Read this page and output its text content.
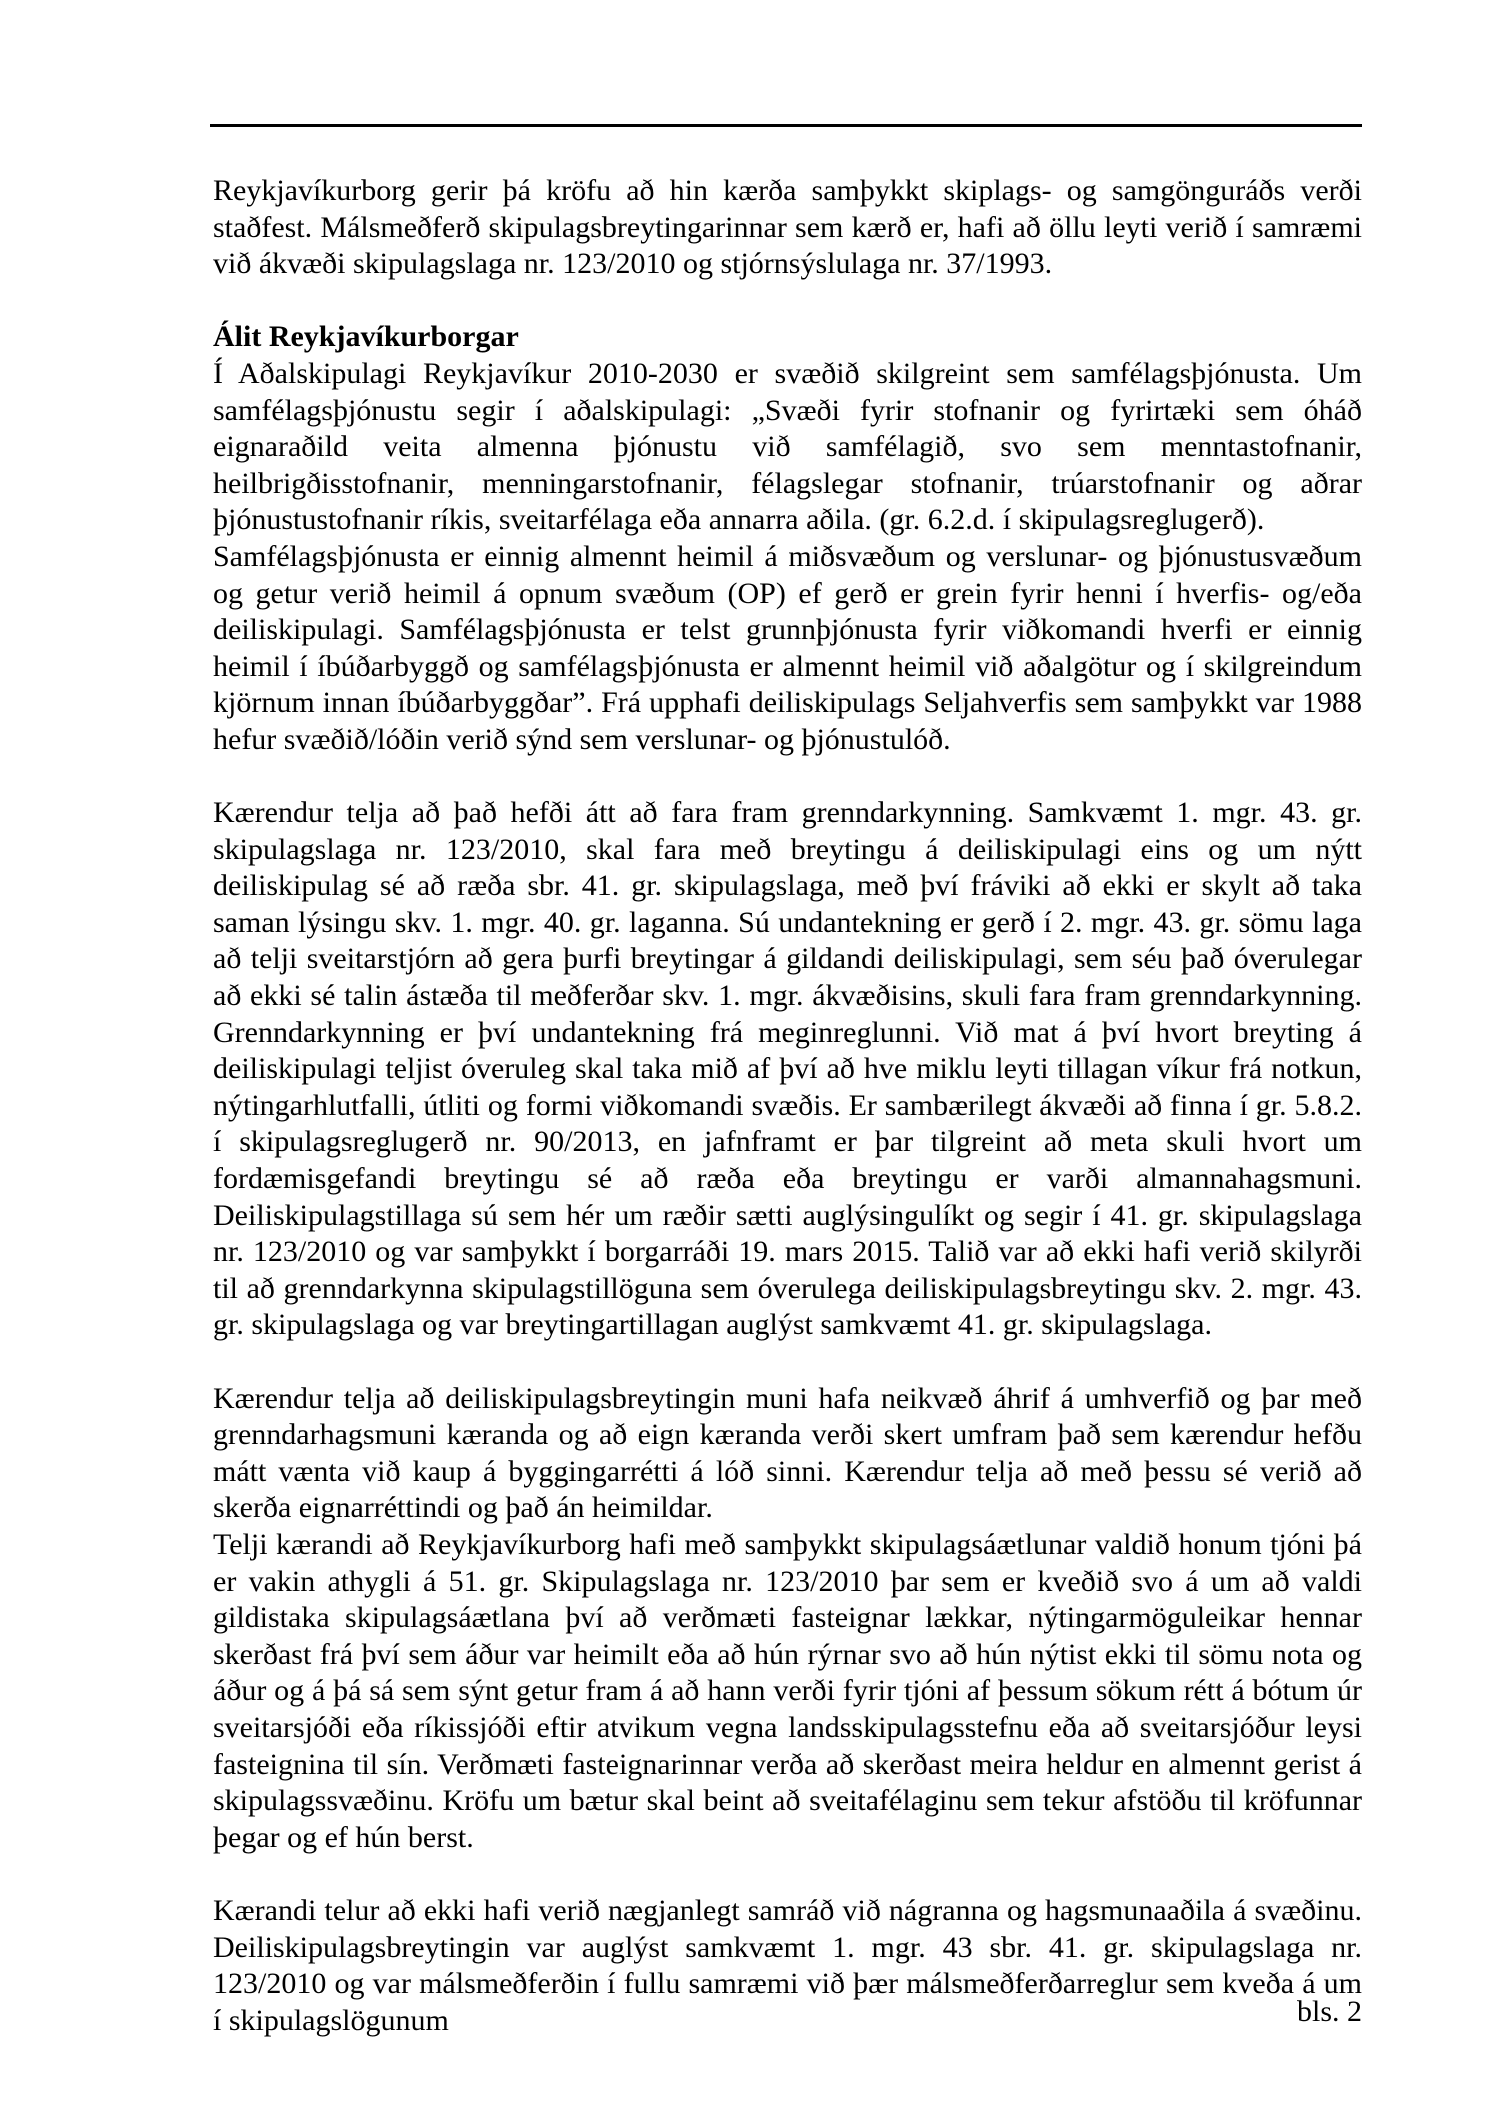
Reykjavíkurborg gerir þá kröfu að hin kærða samþykkt skiplags- og samgönguráðs verði staðfest. Málsmeðferð skipulagsbreytingarinnar sem kærð er, hafi að öllu leyti verið í samræmi við ákvæði skipulagslaga nr. 123/2010 og stjórnsýslulaga nr. 37/1993.

Álit Reykjavíkurborgar

Í Aðalskipulagi Reykjavíkur 2010-2030 er svæðið skilgreint sem samfélagsþjónusta. Um samfélagsþjónustu segir í aðalskipulagi: „Svæði fyrir stofnanir og fyrirtæki sem óháð eignaraðild veita almenna þjónustu við samfélagið, svo sem menntastofnanir, heilbrigðisstofnanir, menningarstofnanir, félagslegar stofnanir, trúarstofnanir og aðrar þjónustustofnanir ríkis, sveitarfélaga eða annarra aðila. (gr. 6.2.d. í skipulagsreglugerð).

Samfélagsþjónusta er einnig almennt heimil á miðsvæðum og verslunar- og þjónustusvæðum og getur verið heimil á opnum svæðum (OP) ef gerð er grein fyrir henni í hverfis- og/eða deiliskipulagi. Samfélagsþjónusta er telst grunnþjónusta fyrir viðkomandi hverfi er einnig heimil í íbúðarbyggð og samfélagsþjónusta er almennt heimil við aðalgötur og í skilgreindum kjörnum innan íbúðarbyggðar”. Frá upphafi deiliskipulags Seljahverfis sem samþykkt var 1988 hefur svæðið/lóðin verið sýnd sem verslunar- og þjónustulóð.

Kærendur telja að það hefði átt að fara fram grenndarkynning. Samkvæmt 1. mgr. 43. gr. skipulagslaga nr. 123/2010, skal fara með breytingu á deiliskipulagi eins og um nýtt deiliskipulag sé að ræða sbr. 41. gr. skipulagslaga, með því fráviki að ekki er skylt að taka saman lýsingu skv. 1. mgr. 40. gr. laganna. Sú undantekning er gerð í 2. mgr. 43. gr. sömu laga að telji sveitarstjórn að gera þurfi breytingar á gildandi deiliskipulagi, sem séu það óverulegar að ekki sé talin ástæða til meðferðar skv. 1. mgr. ákvæðisins, skuli fara fram grenndarkynning. Grenndarkynning er því undantekning frá meginreglunni. Við mat á því hvort breyting á deiliskipulagi teljist óveruleg skal taka mið af því að hve miklu leyti tillagan víkur frá notkun, nýtingarhlutfalli, útliti og formi viðkomandi svæðis. Er sambærilegt ákvæði að finna í gr. 5.8.2. í skipulagsreglugerð nr. 90/2013, en jafnframt er þar tilgreint að meta skuli hvort um fordæmisgefandi breytingu sé að ræða eða breytingu er varði almannahagsmuni. Deiliskipulagstillaga sú sem hér um ræðir sætti auglýsingulíkt og segir í 41. gr. skipulagslaga nr. 123/2010 og var samþykkt í borgarráði 19. mars 2015. Talið var að ekki hafi verið skilyrði til að grenndarkynna skipulagstillöguna sem óverulega deiliskipulagsbreytingu skv. 2. mgr. 43. gr. skipulagslaga og var breytingartillagan auglýst samkvæmt 41. gr. skipulagslaga.

Kærendur telja að deiliskipulagsbreytingin muni hafa neikvæð áhrif á umhverfið og þar með grenndarhagsmuni kæranda og að eign kæranda verði skert umfram það sem kærendur hefðu mátt vænta við kaup á byggingarrétti á lóð sinni. Kærendur telja að með þessu sé verið að skerða eignarréttindi og það án heimildar.

Telji kærandi að Reykjavíkurborg hafi með samþykkt skipulagsáætlunar valdið honum tjóni þá er vakin athygli á 51. gr. Skipulagslaga nr. 123/2010 þar sem er kveðið svo á um að valdi gildistaka skipulagsáætlana því að verðmæti fasteignar lækkar, nýtingarmöguleikar hennar skerðast frá því sem áður var heimilt eða að hún rýrnar svo að hún nýtist ekki til sömu nota og áður og á þá sá sem sýnt getur fram á að hann verði fyrir tjóni af þessum sökum rétt á bótum úr sveitarsjóði eða ríkissjóði eftir atvikum vegna landsskipulagsstefnu eða að sveitarsjóður leysi fasteignina til sín. Verðmæti fasteignarinnar verða að skerðast meira heldur en almennt gerist á skipulagssvæðinu. Kröfu um bætur skal beint að sveitafélaginu sem tekur afstöðu til kröfunnar þegar og ef hún berst.

Kærandi telur að ekki hafi verið nægjanlegt samráð við nágranna og hagsmunaaðila á svæðinu. Deiliskipulagsbreytingin var auglýst samkvæmt 1. mgr. 43 sbr. 41. gr. skipulagslaga nr. 123/2010 og var málsmeðferðin í fullu samræmi við þær málsmeðferðarreglur sem kveða á um í skipulagslögunum	bls. 2
